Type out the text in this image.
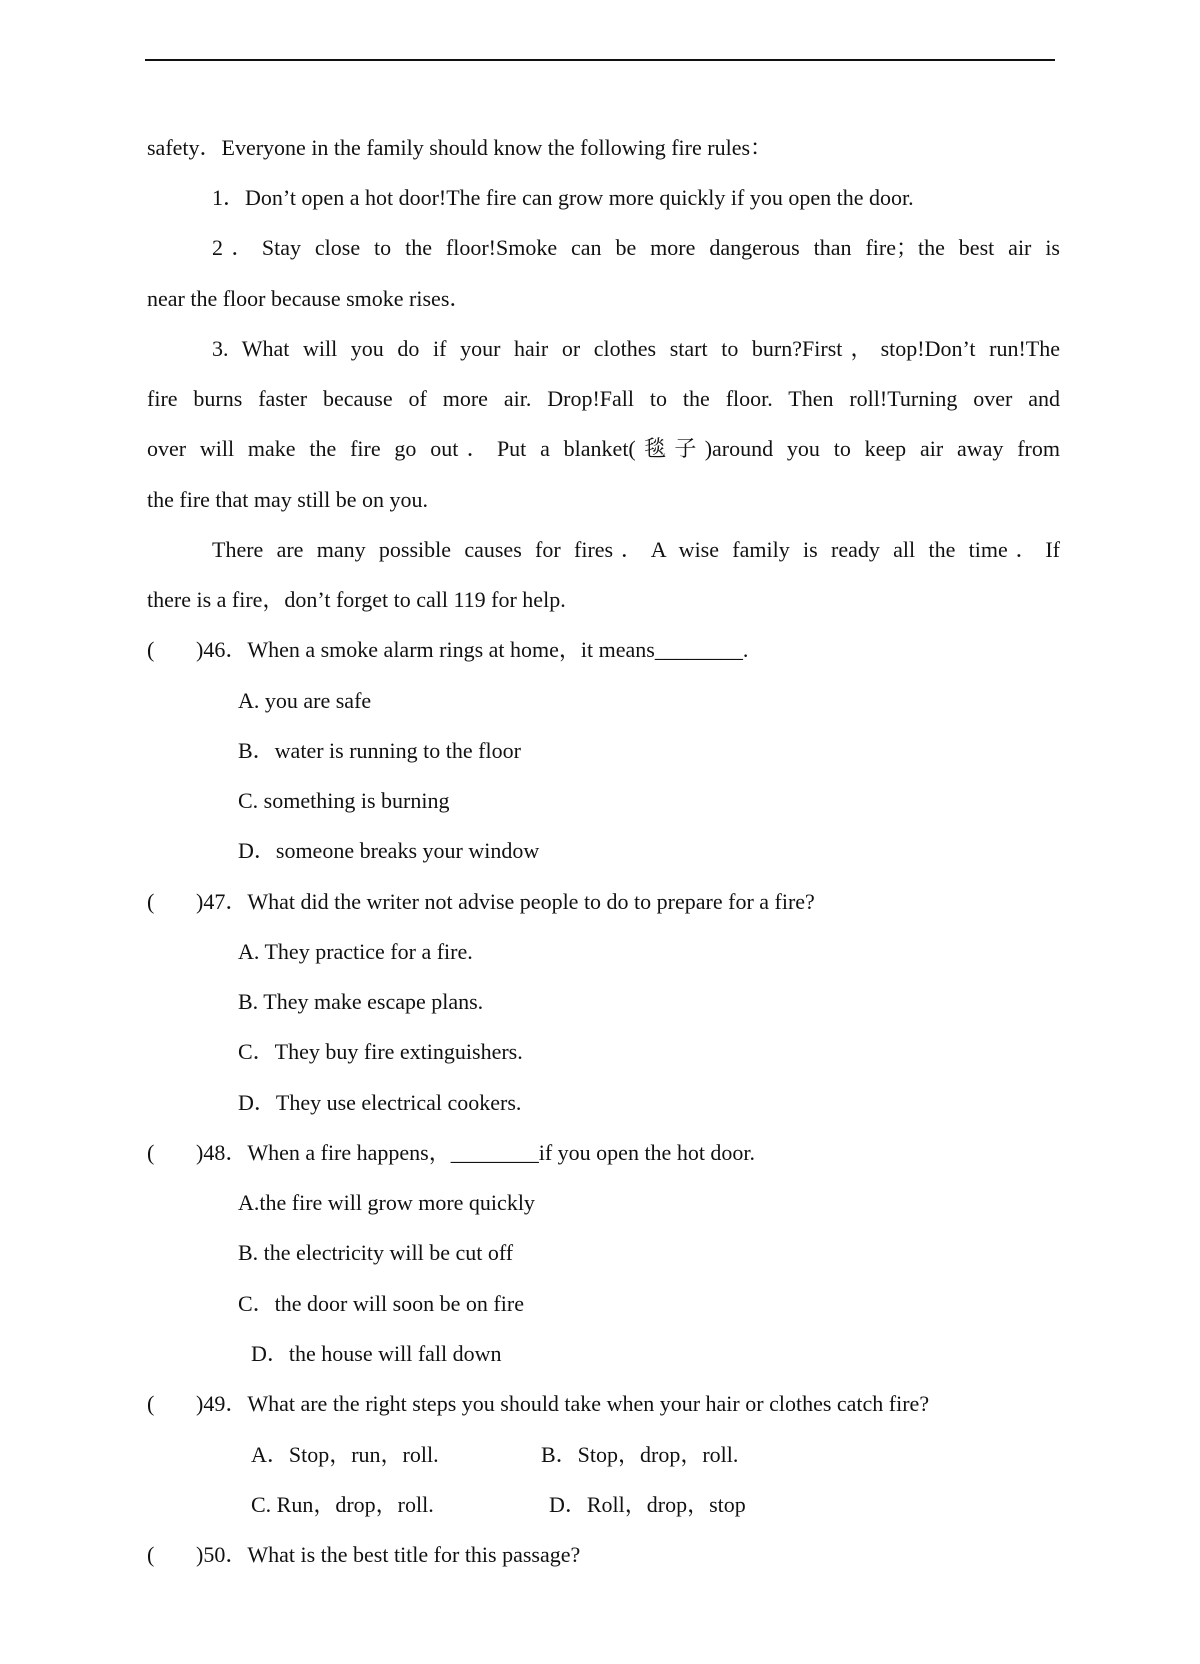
safety．Everyone in the family should know the following fire rules：
1．Don’t open a hot door!The fire can grow more quickly if you open the door.
2．Stay close to the floor!Smoke can be more dangerous than fire；the best air is
near the floor because smoke rises．
3. What will you do if your hair or clothes start to burn?First，stop!Don’t run!The
fire burns faster because of more air. Drop!Fall to the floor. Then roll!Turning over and
over will make the fire go out．Put a blanket(毯子)around you to keep air away from
the fire that may still be on you.
There are many possible causes for fires．A wise family is ready all the time．If
there is a fire，don’t forget to call 119 for help.
( )46．When a smoke alarm rings at home，it means________.
A. you are safe
B．water is running to the floor
C. something is burning
D．someone breaks your window
( )47．What did the writer not advise people to do to prepare for a fire?
A. They practice for a fire.
B. They make escape plans.
C．They buy fire extinguishers.
D．They use electrical cookers.
( )48．When a fire happens，________if you open the hot door.
A.the fire will grow more quickly
B. the electricity will be cut off
C．the door will soon be on fire
D．the house will fall down
( )49．What are the right steps you should take when your hair or clothes catch fire?
A．Stop，run，roll.	B．Stop，drop，roll.
C. Run，drop，roll.	D．Roll，drop，stop
( )50．What is the best title for this passage?
